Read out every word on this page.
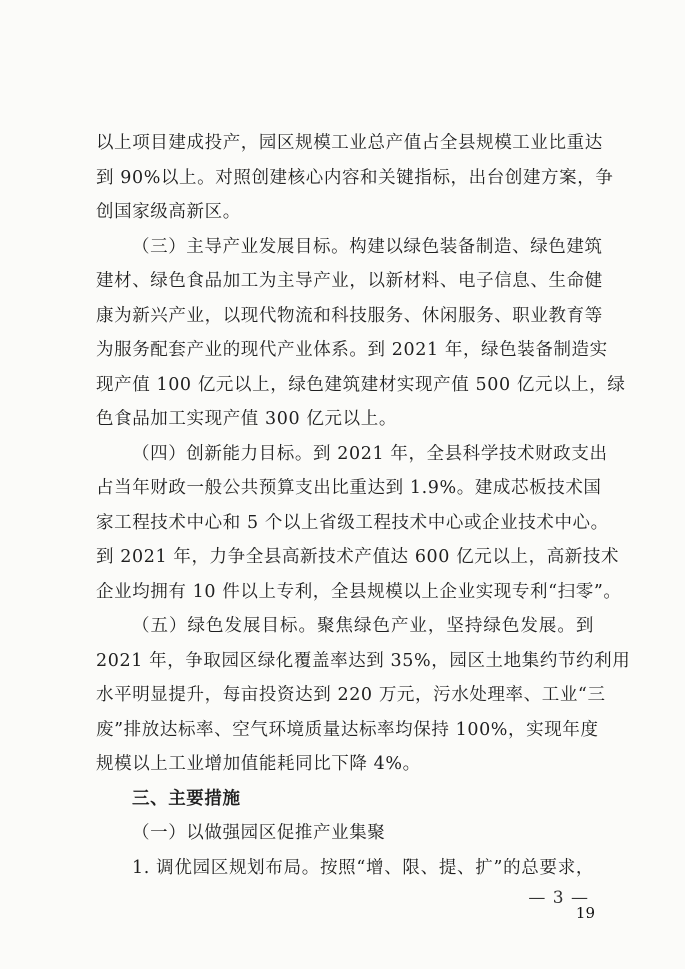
以上项目建成投产，园区规模工业总产值占全县规模工业比重达
到 90%以上。对照创建核心内容和关键指标，出台创建方案，争
创国家级高新区。
（三）主导产业发展目标。构建以绿色装备制造、绿色建筑
建材、绿色食品加工为主导产业，以新材料、电子信息、生命健
康为新兴产业，以现代物流和科技服务、休闲服务、职业教育等
为服务配套产业的现代产业体系。到 2021 年，绿色装备制造实
现产值 100 亿元以上，绿色建筑建材实现产值 500 亿元以上，绿
色食品加工实现产值 300 亿元以上。
（四）创新能力目标。到 2021 年，全县科学技术财政支出
占当年财政一般公共预算支出比重达到 1.9%。建成芯板技术国
家工程技术中心和 5 个以上省级工程技术中心或企业技术中心。
到 2021 年，力争全县高新技术产值达 600 亿元以上，高新技术
企业均拥有 10 件以上专利，全县规模以上企业实现专利“扫零”。
（五）绿色发展目标。聚焦绿色产业，坚持绿色发展。到
2021 年，争取园区绿化覆盖率达到 35%，园区土地集约节约利用
水平明显提升，每亩投资达到 220 万元，污水处理率、工业“三
废”排放达标率、空气环境质量达标率均保持 100%，实现年度
规模以上工业增加值能耗同比下降 4%。
三、主要措施
（一）以做强园区促推产业集聚
1. 调优园区规划布局。按照“增、限、提、扩”的总要求，
— 3 —
19
